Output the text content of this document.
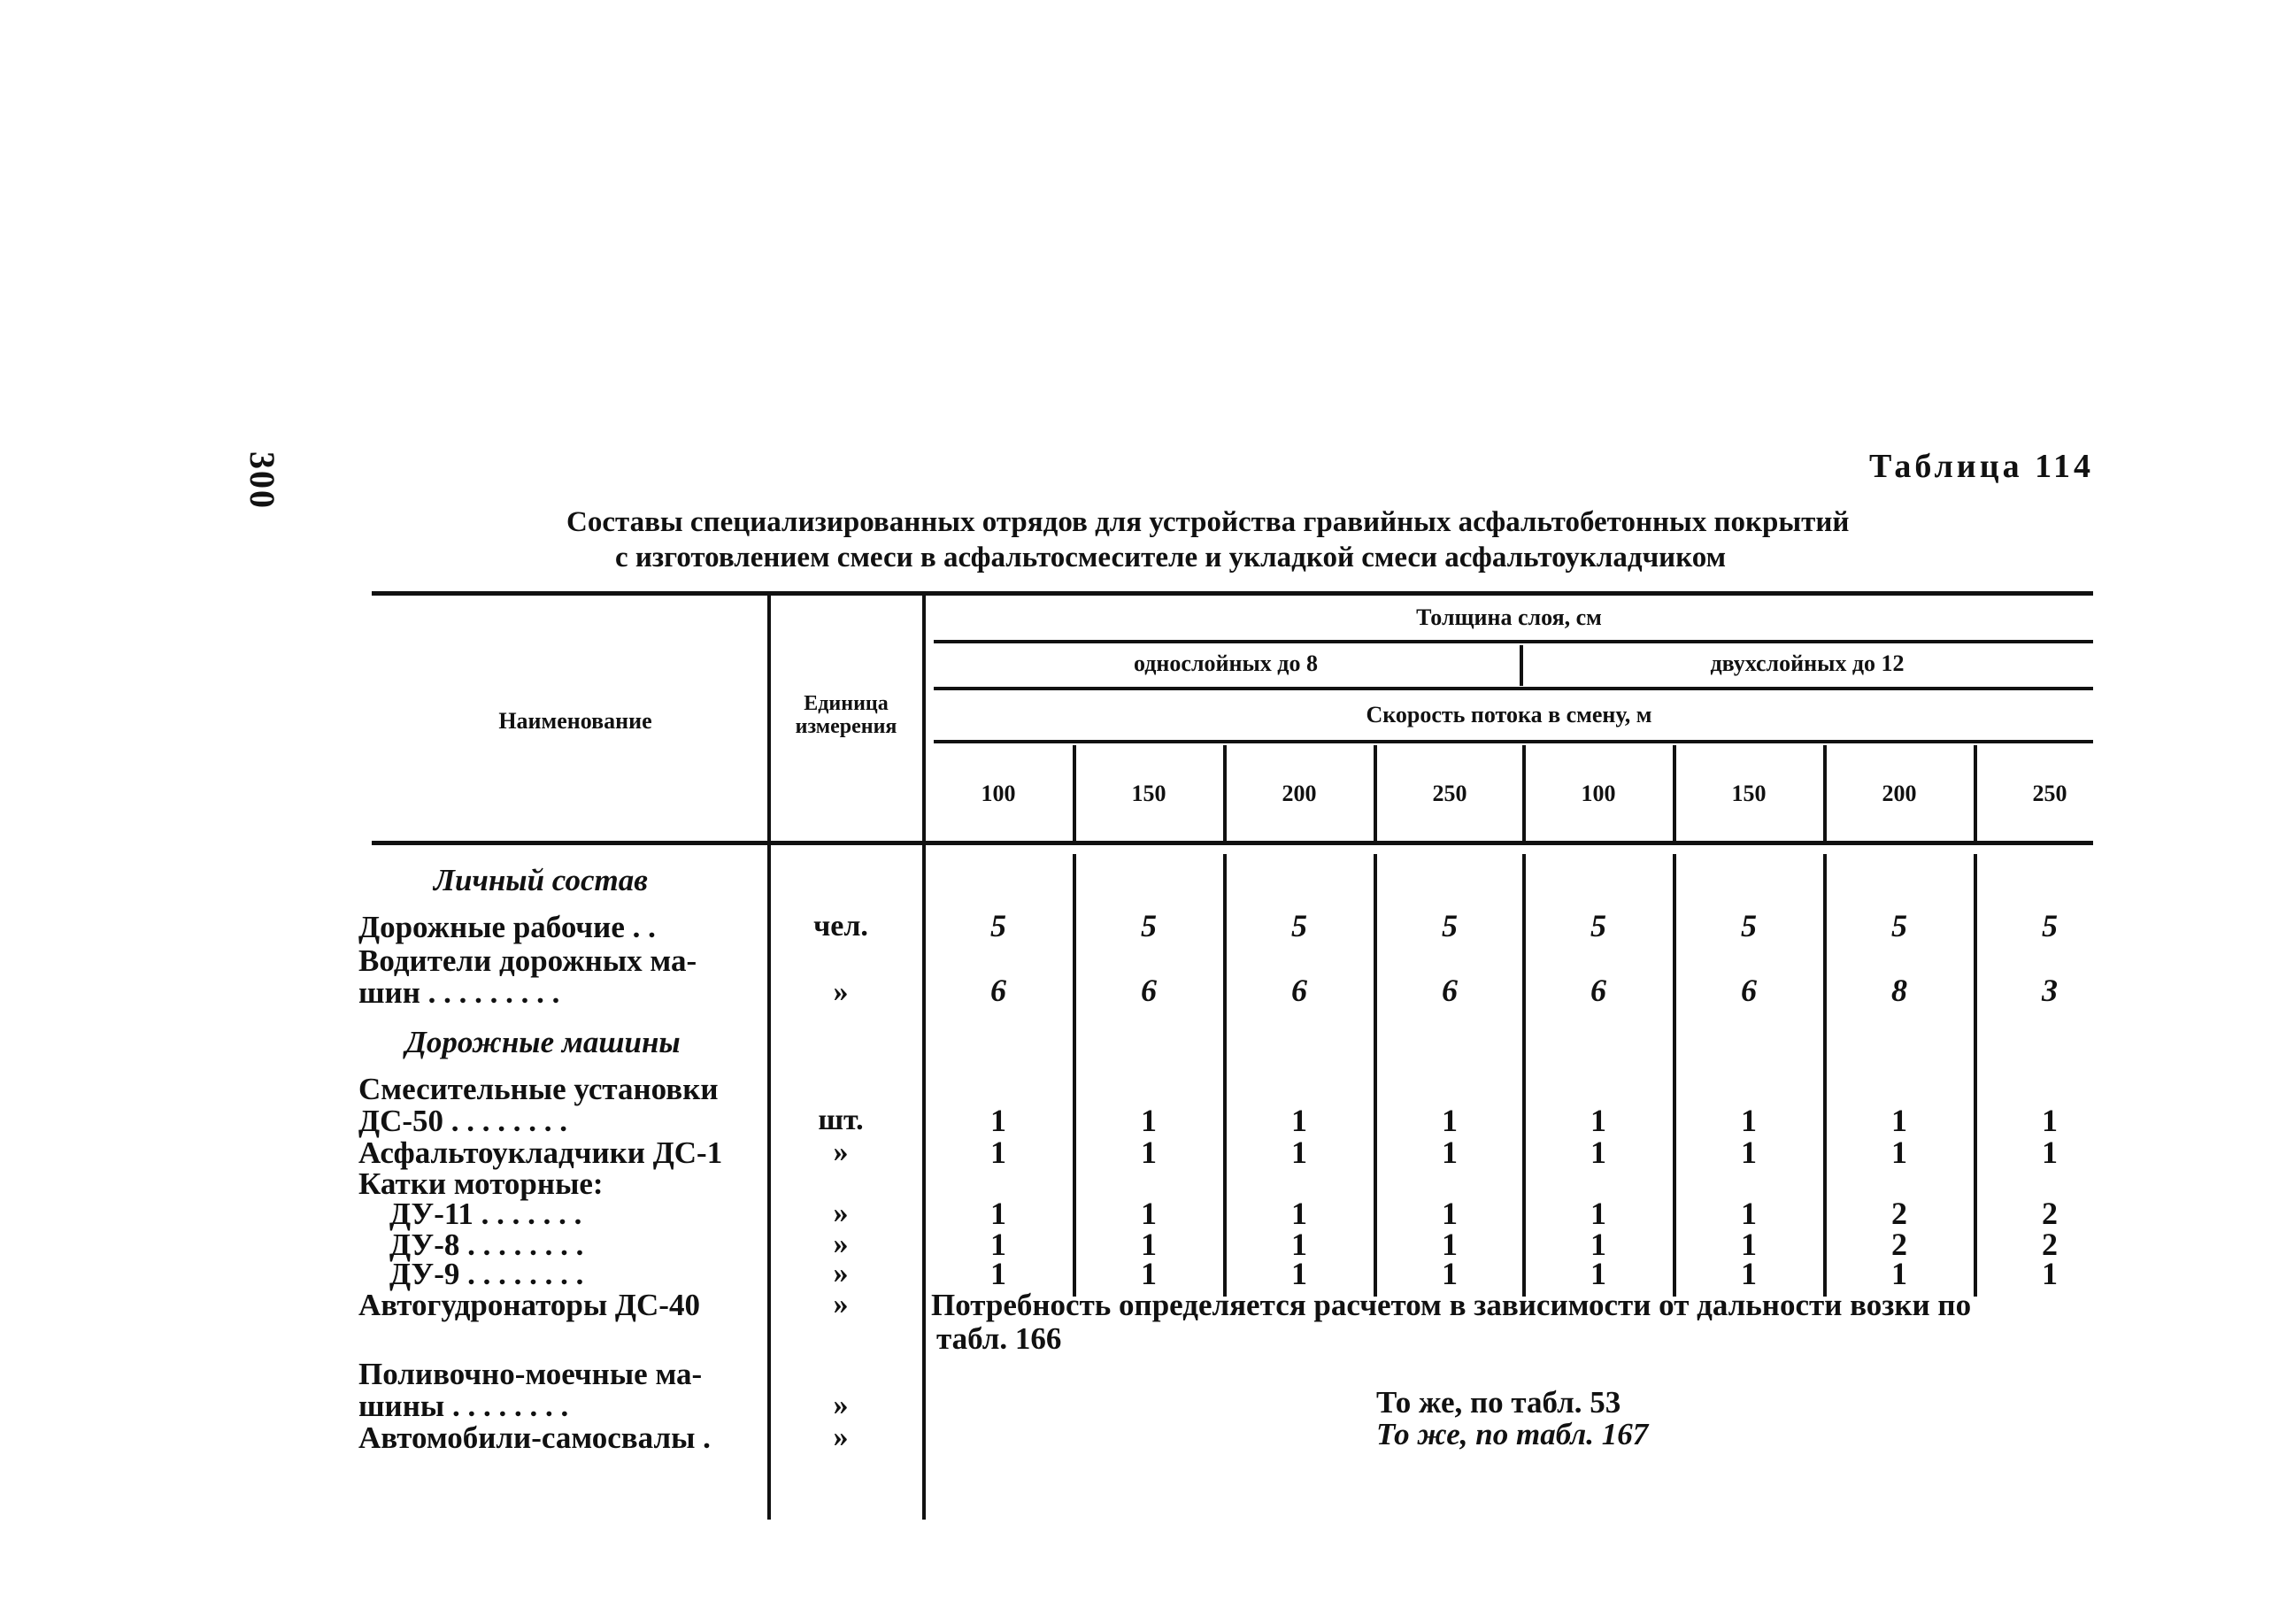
300	Таблица 114
Составы специализированных отрядов для устройства гравийных асфальтобетонных покрытий
с изготовлением смеси в асфальтосмесителе и укладкой смеси асфальтоукладчиком
Наименование
Единица
измерения
Толщина слоя, см
однослойных до 8	двухслойных до 12
Скорость потока в смену, м
100	150	200	250	100	150	200	250
Личный состав
Дорожные машины
Дорожные рабочие . .	чел.	5	5	5	5	5	5	5	5
Водители дорожных ма-
шин . . . . . . . . .	»	6	6	6	6	6	6	8	3
Смесительные установки
ДС-50 . . . . . . . .	шт.	1	1	1	1	1	1	1	1
Асфальтоукладчики ДС-1	»	1	1	1	1	1	1	1	1
Катки моторные:
ДУ-11 . . . . . . .	»	1	1	1	1	1	1	2	2
ДУ-8 . . . . . . . .	»	1	1	1	1	1	1	2	2
ДУ-9 . . . . . . . .	»	1	1	1	1	1	1	1	1
Автогудронаторы ДС-40	»	Потребность определяется расчетом в зависимости от дальности возки по
табл. 166
Поливочно-моечные ма-
шины . . . . . . . .	»	То же, по табл. 53
Автомобили-самосвалы .	»	То же, по табл. 167
